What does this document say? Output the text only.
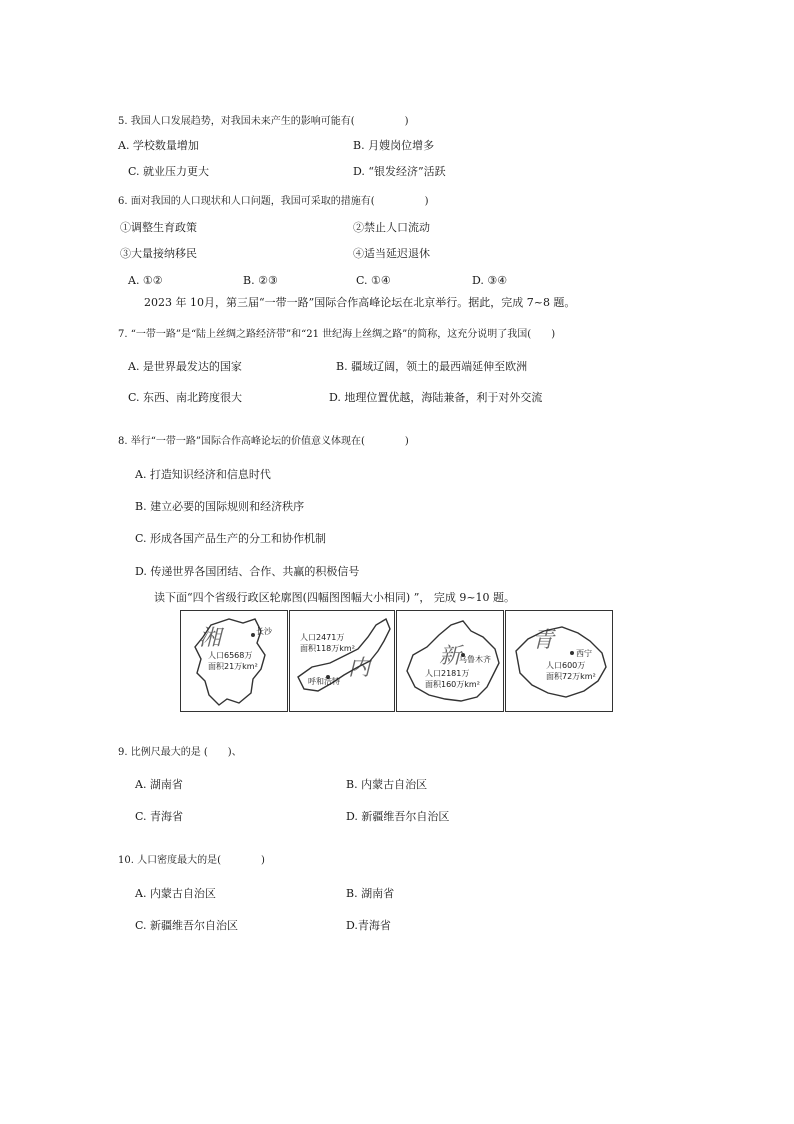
5. 我国人口发展趋势，对我国未来产生的影响可能有(　　　　　)
A. 学校数量增加	B. 月嫂岗位增多
C. 就业压力更大	D. “银发经济”活跃
6. 面对我国的人口现状和人口问题，我国可采取的措施有(　　　　　)
①调整生育政策	②禁止人口流动
③大量接纳移民	④适当延迟退休
A. ①②	B. ②③	C. ①④	D. ③④
2023 年 10月，第三届“一带一路”国际合作高峰论坛在北京举行。据此，完成 7~8 题。
7. “一带一路”是“陆上丝绸之路经济带”和“21 世纪海上丝绸之路”的简称，这充分说明了我国(　　)
A. 是世界最发达的国家	B. 疆域辽阔，领土的最西端延伸至欧洲
C. 东西、南北跨度很大	D. 地理位置优越，海陆兼备，利于对外交流
8. 举行“一带一路”国际合作高峰论坛的价值意义体现在(　　　　)
A. 打造知识经济和信息时代
B. 建立必要的国际规则和经济秩序
C. 形成各国产品生产的分工和协作机制
D. 传递世界各国团结、合作、共赢的积极信号
读下面“四个省级行政区轮廓图(四幅图图幅大小相同) ”， 完成 9~10 题。
湘	长沙
人口6568万
面积21万km²
人口2471万
面积118万km²
内
呼和浩特
新
乌鲁木齐
人口2181万
面积160万km²
青
西宁
人口600万
面积72万km²
9. 比例尺最大的是 (　　)、
A. 湖南省	B. 内蒙古自治区
C. 青海省	D. 新疆维吾尔自治区
10. 人口密度最大的是(　　　　)
A. 内蒙古自治区	B. 湖南省
C. 新疆维吾尔自治区	D.青海省
